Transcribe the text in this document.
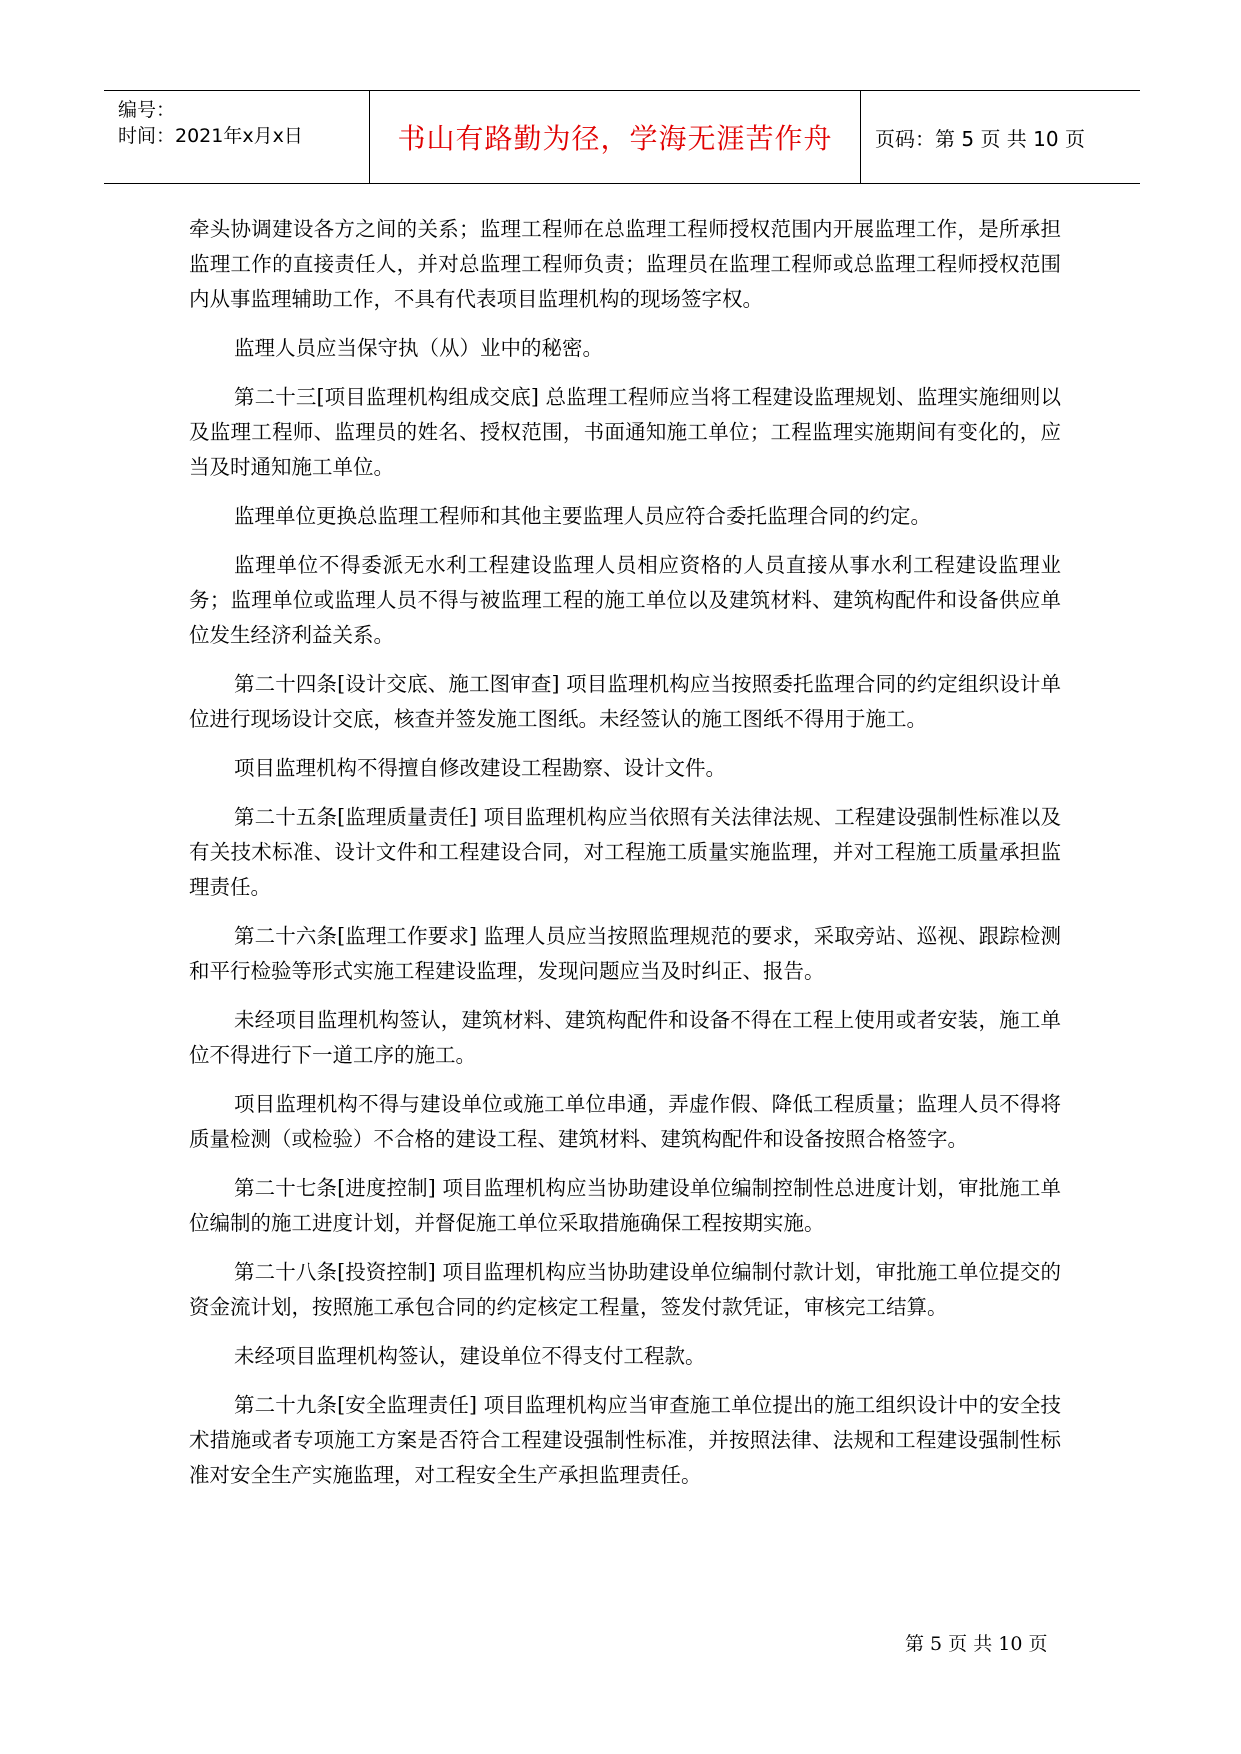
编号：
时间：2021年x月x日	书山有路勤为径，学海无涯苦作舟 页码：第 5 页 共 10 页

牵头协调建设各方之间的关系；监理工程师在总监理工程师授权范围内开展监理工作，是所承担监理工作的直接责任人，并对总监理工程师负责；监理员在监理工程师或总监理工程师授权范围内从事监理辅助工作，不具有代表项目监理机构的现场签字权。

监理人员应当保守执（从）业中的秘密。

第二十三[项目监理机构组成交底] 总监理工程师应当将工程建设监理规划、监理实施细则以及监理工程师、监理员的姓名、授权范围，书面通知施工单位；工程监理实施期间有变化的，应当及时通知施工单位。

监理单位更换总监理工程师和其他主要监理人员应符合委托监理合同的约定。

监理单位不得委派无水利工程建设监理人员相应资格的人员直接从事水利工程建设监理业务；监理单位或监理人员不得与被监理工程的施工单位以及建筑材料、建筑构配件和设备供应单位发生经济利益关系。

第二十四条[设计交底、施工图审查] 项目监理机构应当按照委托监理合同的约定组织设计单位进行现场设计交底，核查并签发施工图纸。未经签认的施工图纸不得用于施工。

项目监理机构不得擅自修改建设工程勘察、设计文件。

第二十五条[监理质量责任] 项目监理机构应当依照有关法律法规、工程建设强制性标准以及有关技术标准、设计文件和工程建设合同，对工程施工质量实施监理，并对工程施工质量承担监理责任。

第二十六条[监理工作要求] 监理人员应当按照监理规范的要求，采取旁站、巡视、跟踪检测和平行检验等形式实施工程建设监理，发现问题应当及时纠正、报告。

未经项目监理机构签认，建筑材料、建筑构配件和设备不得在工程上使用或者安装，施工单位不得进行下一道工序的施工。

项目监理机构不得与建设单位或施工单位串通，弄虚作假、降低工程质量；监理人员不得将质量检测（或检验）不合格的建设工程、建筑材料、建筑构配件和设备按照合格签字。

第二十七条[进度控制] 项目监理机构应当协助建设单位编制控制性总进度计划，审批施工单位编制的施工进度计划，并督促施工单位采取措施确保工程按期实施。

第二十八条[投资控制] 项目监理机构应当协助建设单位编制付款计划，审批施工单位提交的资金流计划，按照施工承包合同的约定核定工程量，签发付款凭证，审核完工结算。

未经项目监理机构签认，建设单位不得支付工程款。

第二十九条[安全监理责任] 项目监理机构应当审查施工单位提出的施工组织设计中的安全技术措施或者专项施工方案是否符合工程建设强制性标准，并按照法律、法规和工程建设强制性标准对安全生产实施监理，对工程安全生产承担监理责任。

第 5 页 共 10 页
